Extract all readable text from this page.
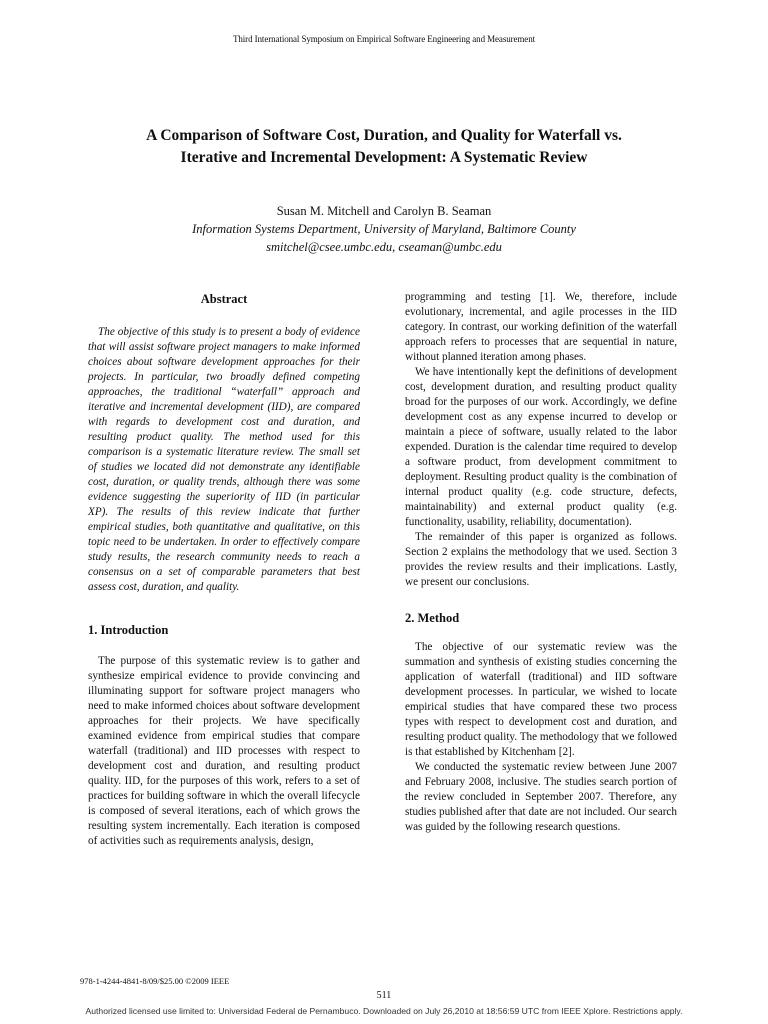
Third International Symposium on Empirical Software Engineering and Measurement
A Comparison of Software Cost, Duration, and Quality for Waterfall vs.
Iterative and Incremental Development: A Systematic Review
Susan M. Mitchell and Carolyn B. Seaman
Information Systems Department, University of Maryland, Baltimore County
smitchel@csee.umbc.edu, cseaman@umbc.edu
Abstract

The objective of this study is to present a body of evidence that will assist software project managers to make informed choices about software development approaches for their projects. In particular, two broadly defined competing approaches, the traditional “waterfall” approach and iterative and incremental development (IID), are compared with regards to development cost and duration, and resulting product quality. The method used for this comparison is a systematic literature review. The small set of studies we located did not demonstrate any identifiable cost, duration, or quality trends, although there was some evidence suggesting the superiority of IID (in particular XP). The results of this review indicate that further empirical studies, both quantitative and qualitative, on this topic need to be undertaken. In order to effectively compare study results, the research community needs to reach a consensus on a set of comparable parameters that best assess cost, duration, and quality.

1. Introduction

The purpose of this systematic review is to gather and synthesize empirical evidence to provide convincing and illuminating support for software project managers who need to make informed choices about software development approaches for their projects. We have specifically examined evidence from empirical studies that compare waterfall (traditional) and IID processes with respect to development cost and duration, and resulting product quality. IID, for the purposes of this work, refers to a set of practices for building software in which the overall lifecycle is composed of several iterations, each of which grows the resulting system incrementally. Each iteration is composed of activities such as requirements analysis, design,

programming and testing [1]. We, therefore, include evolutionary, incremental, and agile processes in the IID category. In contrast, our working definition of the waterfall approach refers to processes that are sequential in nature, without planned iteration among phases.

We have intentionally kept the definitions of development cost, development duration, and resulting product quality broad for the purposes of our work. Accordingly, we define development cost as any expense incurred to develop or maintain a piece of software, usually related to the labor expended. Duration is the calendar time required to develop a software product, from development commitment to deployment. Resulting product quality is the combination of internal product quality (e.g. code structure, defects, maintainability) and external product quality (e.g. functionality, usability, reliability, documentation).

The remainder of this paper is organized as follows. Section 2 explains the methodology that we used. Section 3 provides the review results and their implications. Lastly, we present our conclusions.

2. Method

The objective of our systematic review was the summation and synthesis of existing studies concerning the application of waterfall (traditional) and IID software development processes. In particular, we wished to locate empirical studies that have compared these two process types with respect to development cost and duration, and resulting product quality. The methodology that we followed is that established by Kitchenham [2].

We conducted the systematic review between June 2007 and February 2008, inclusive. The studies search portion of the review concluded in September 2007. Therefore, any studies published after that date are not included. Our search was guided by the following research questions.

978-1-4244-4841-8/09/$25.00 ©2009 IEEE
511
Authorized licensed use limited to: Universidad Federal de Pernambuco. Downloaded on July 26,2010 at 18:56:59 UTC from IEEE Xplore. Restrictions apply.
